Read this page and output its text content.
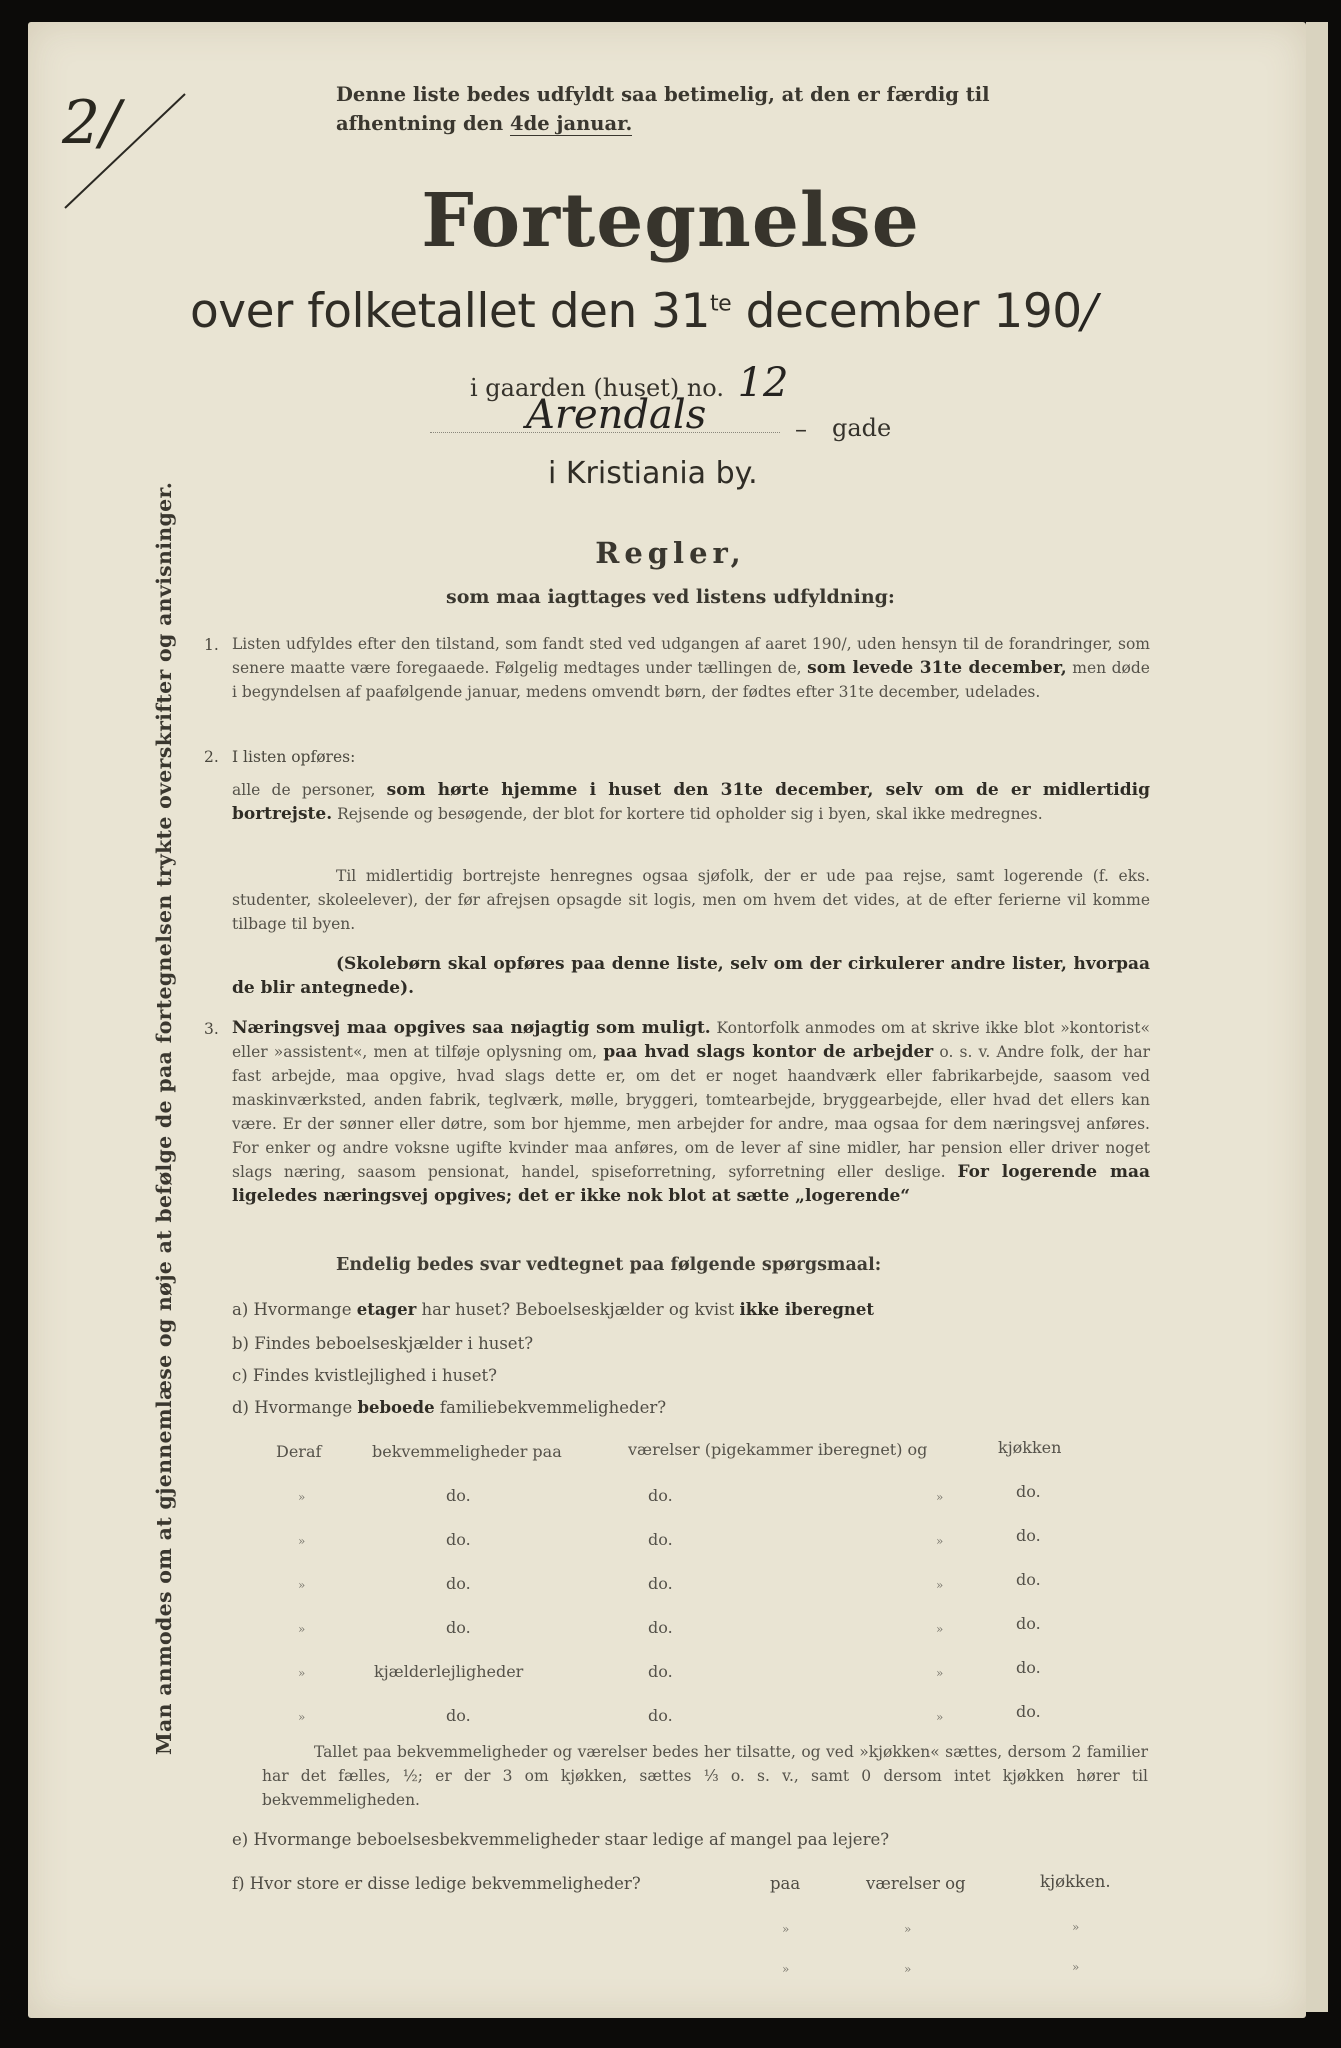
2/	Denne liste bedes udfyldt saa betimelig, at den er færdig til
afhentning den 4de januar.
Fortegnelse
over folketallet den $31^{te}$ december 190/
i gaarden (huset) no. 12
Arendals	– gade
i Kristiania by.
Regler,
som maa iagttages ved listens udfyldning:
1. Listen udfyldes efter den tilstand, som fandt sted ved udgangen af aaret 190/, uden hensyn til de forandringer, som senere maatte være foregaaede. Følgelig medtages under tællingen de, som levede 31te december, men døde i begyndelsen af paafølgende januar, medens omvendt børn, der fødtes efter 31te december, udelades.
2. I listen opføres:
alle de personer, som hørte hjemme i huset den 31te december, selv om de er midlertidig bortrejste. Rejsende og besøgende, der blot for kortere tid opholder sig i byen, skal ikke medregnes.
Til midlertidig bortrejste henregnes ogsaa sjøfolk, der er ude paa rejse, samt logerende (f. eks. studenter, skoleelever), der før afrejsen opsagde sit logis, men om hvem det vides, at de efter ferierne vil komme tilbage til byen.
(Skolebørn skal opføres paa denne liste, selv om der cirkulerer andre lister, hvorpaa de blir antegnede).
3. Næringsvej maa opgives saa nøjagtig som muligt. Kontorfolk anmodes om at skrive ikke blot »kontorist« eller »assistent«, men at tilføje oplysning om, paa hvad slags kontor de arbejder o. s. v. Andre folk, der har fast arbejde, maa opgive, hvad slags dette er, om det er noget haandværk eller fabrikarbejde, saasom ved maskinværksted, anden fabrik, teglværk, mølle, bryggeri, tomtearbejde, bryggearbejde, eller hvad det ellers kan være. Er der sønner eller døtre, som bor hjemme, men arbejder for andre, maa ogsaa for dem næringsvej anføres. For enker og andre voksne ugifte kvinder maa anføres, om de lever af sine midler, har pension eller driver noget slags næring, saasom pensionat, handel, spiseforretning, syforretning eller deslige. For logerende maa ligeledes næringsvej opgives; det er ikke nok blot at sætte „logerende“
Endelig bedes svar vedtegnet paa følgende spørgsmaal:
a) Hvormange etager har huset? Beboelseskjælder og kvist ikke iberegnet
b) Findes beboelseskjælder i huset?
c) Findes kvistlejlighed i huset?
d) Hvormange beboede familiebekvemmeligheder?
Deraf	bekvemmeligheder paa	værelser (pigekammer iberegnet) og	kjøkken
»	do.	do.	»	do.
»	do.	do.	»	do.
»	do.	do.	»	do.
»	do.	do.	»	do.
»	kjælderlejligheder	do.	»	do.
»	do.	do.	»	do.
Tallet paa bekvemmeligheder og værelser bedes her tilsatte, og ved »kjøkken« sættes, dersom 2 familier har det fælles, ½; er der 3 om kjøkken, sættes ⅓ o. s. v., samt 0 dersom intet kjøkken hører til bekvemmeligheden.
e) Hvormange beboelsesbekvemmeligheder staar ledige af mangel paa lejere?
f) Hvor store er disse ledige bekvemmeligheder?	paa	værelser og	kjøkken.
»	»	»
»	»	»
Man anmodes om at gjennemlæse og nøje at befølge de paa fortegnelsen trykte overskrifter og anvisninger.
